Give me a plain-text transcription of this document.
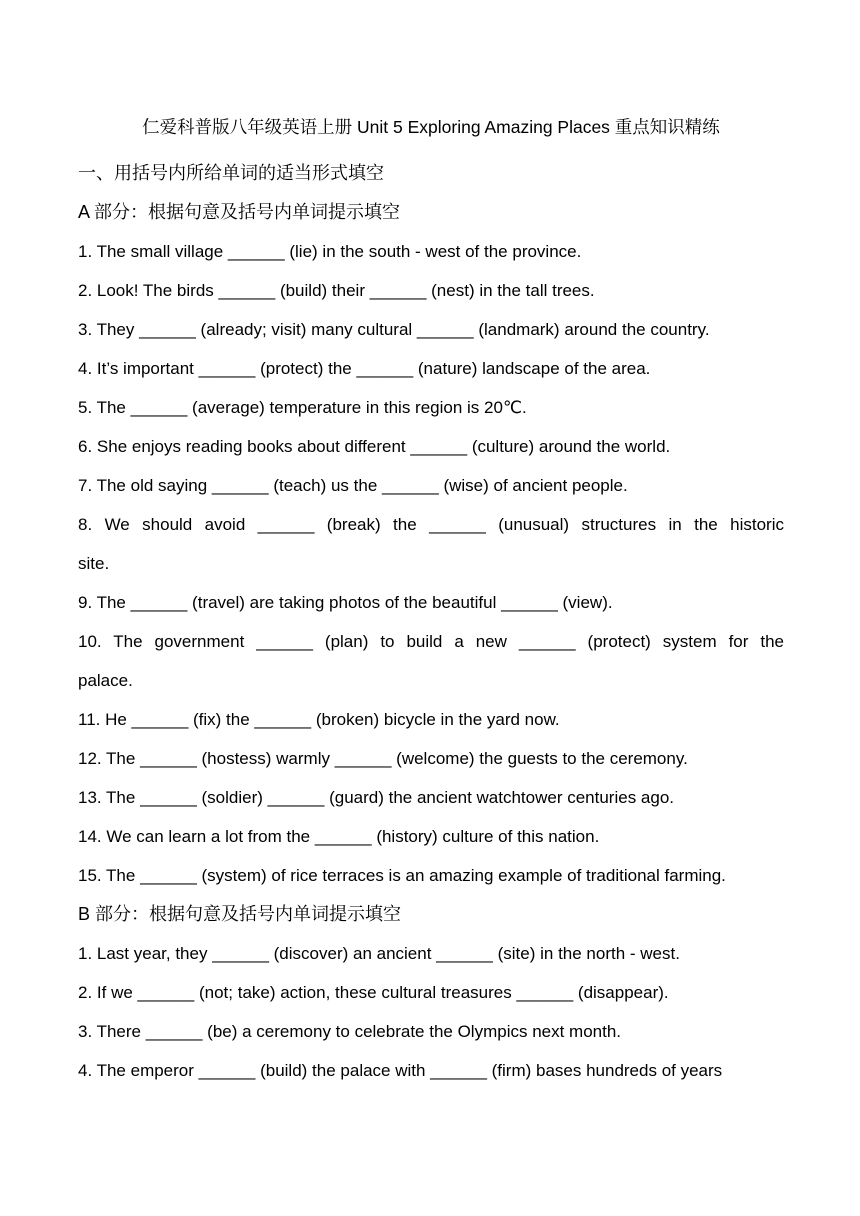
仁爱科普版八年级英语上册 Unit 5 Exploring Amazing Places 重点知识精练
一、用括号内所给单词的适当形式填空
A 部分：根据句意及括号内单词提示填空
1. The small village ______ (lie) in the south - west of the province.
2. Look! The birds ______ (build) their ______ (nest) in the tall trees.
3. They ______ (already; visit) many cultural ______ (landmark) around the country.
4. It’s important ______ (protect) the ______ (nature) landscape of the area.
5. The ______ (average) temperature in this region is 20℃.
6. She enjoys reading books about different ______ (culture) around the world.
7. The old saying ______ (teach) us the ______ (wise) of ancient people.
8. We should avoid ______ (break) the ______ (unusual) structures in the historic
site.
9. The ______ (travel) are taking photos of the beautiful ______ (view).
10. The government ______ (plan) to build a new ______ (protect) system for the
palace.
11. He ______ (fix) the ______ (broken) bicycle in the yard now.
12. The ______ (hostess) warmly ______ (welcome) the guests to the ceremony.
13. The ______ (soldier) ______ (guard) the ancient watchtower centuries ago.
14. We can learn a lot from the ______ (history) culture of this nation.
15. The ______ (system) of rice terraces is an amazing example of traditional farming.
B 部分：根据句意及括号内单词提示填空
1. Last year, they ______ (discover) an ancient ______ (site) in the north - west.
2. If we ______ (not; take) action, these cultural treasures ______ (disappear).
3. There ______ (be) a ceremony to celebrate the Olympics next month.
4. The emperor ______ (build) the palace with ______ (firm) bases hundreds of years
